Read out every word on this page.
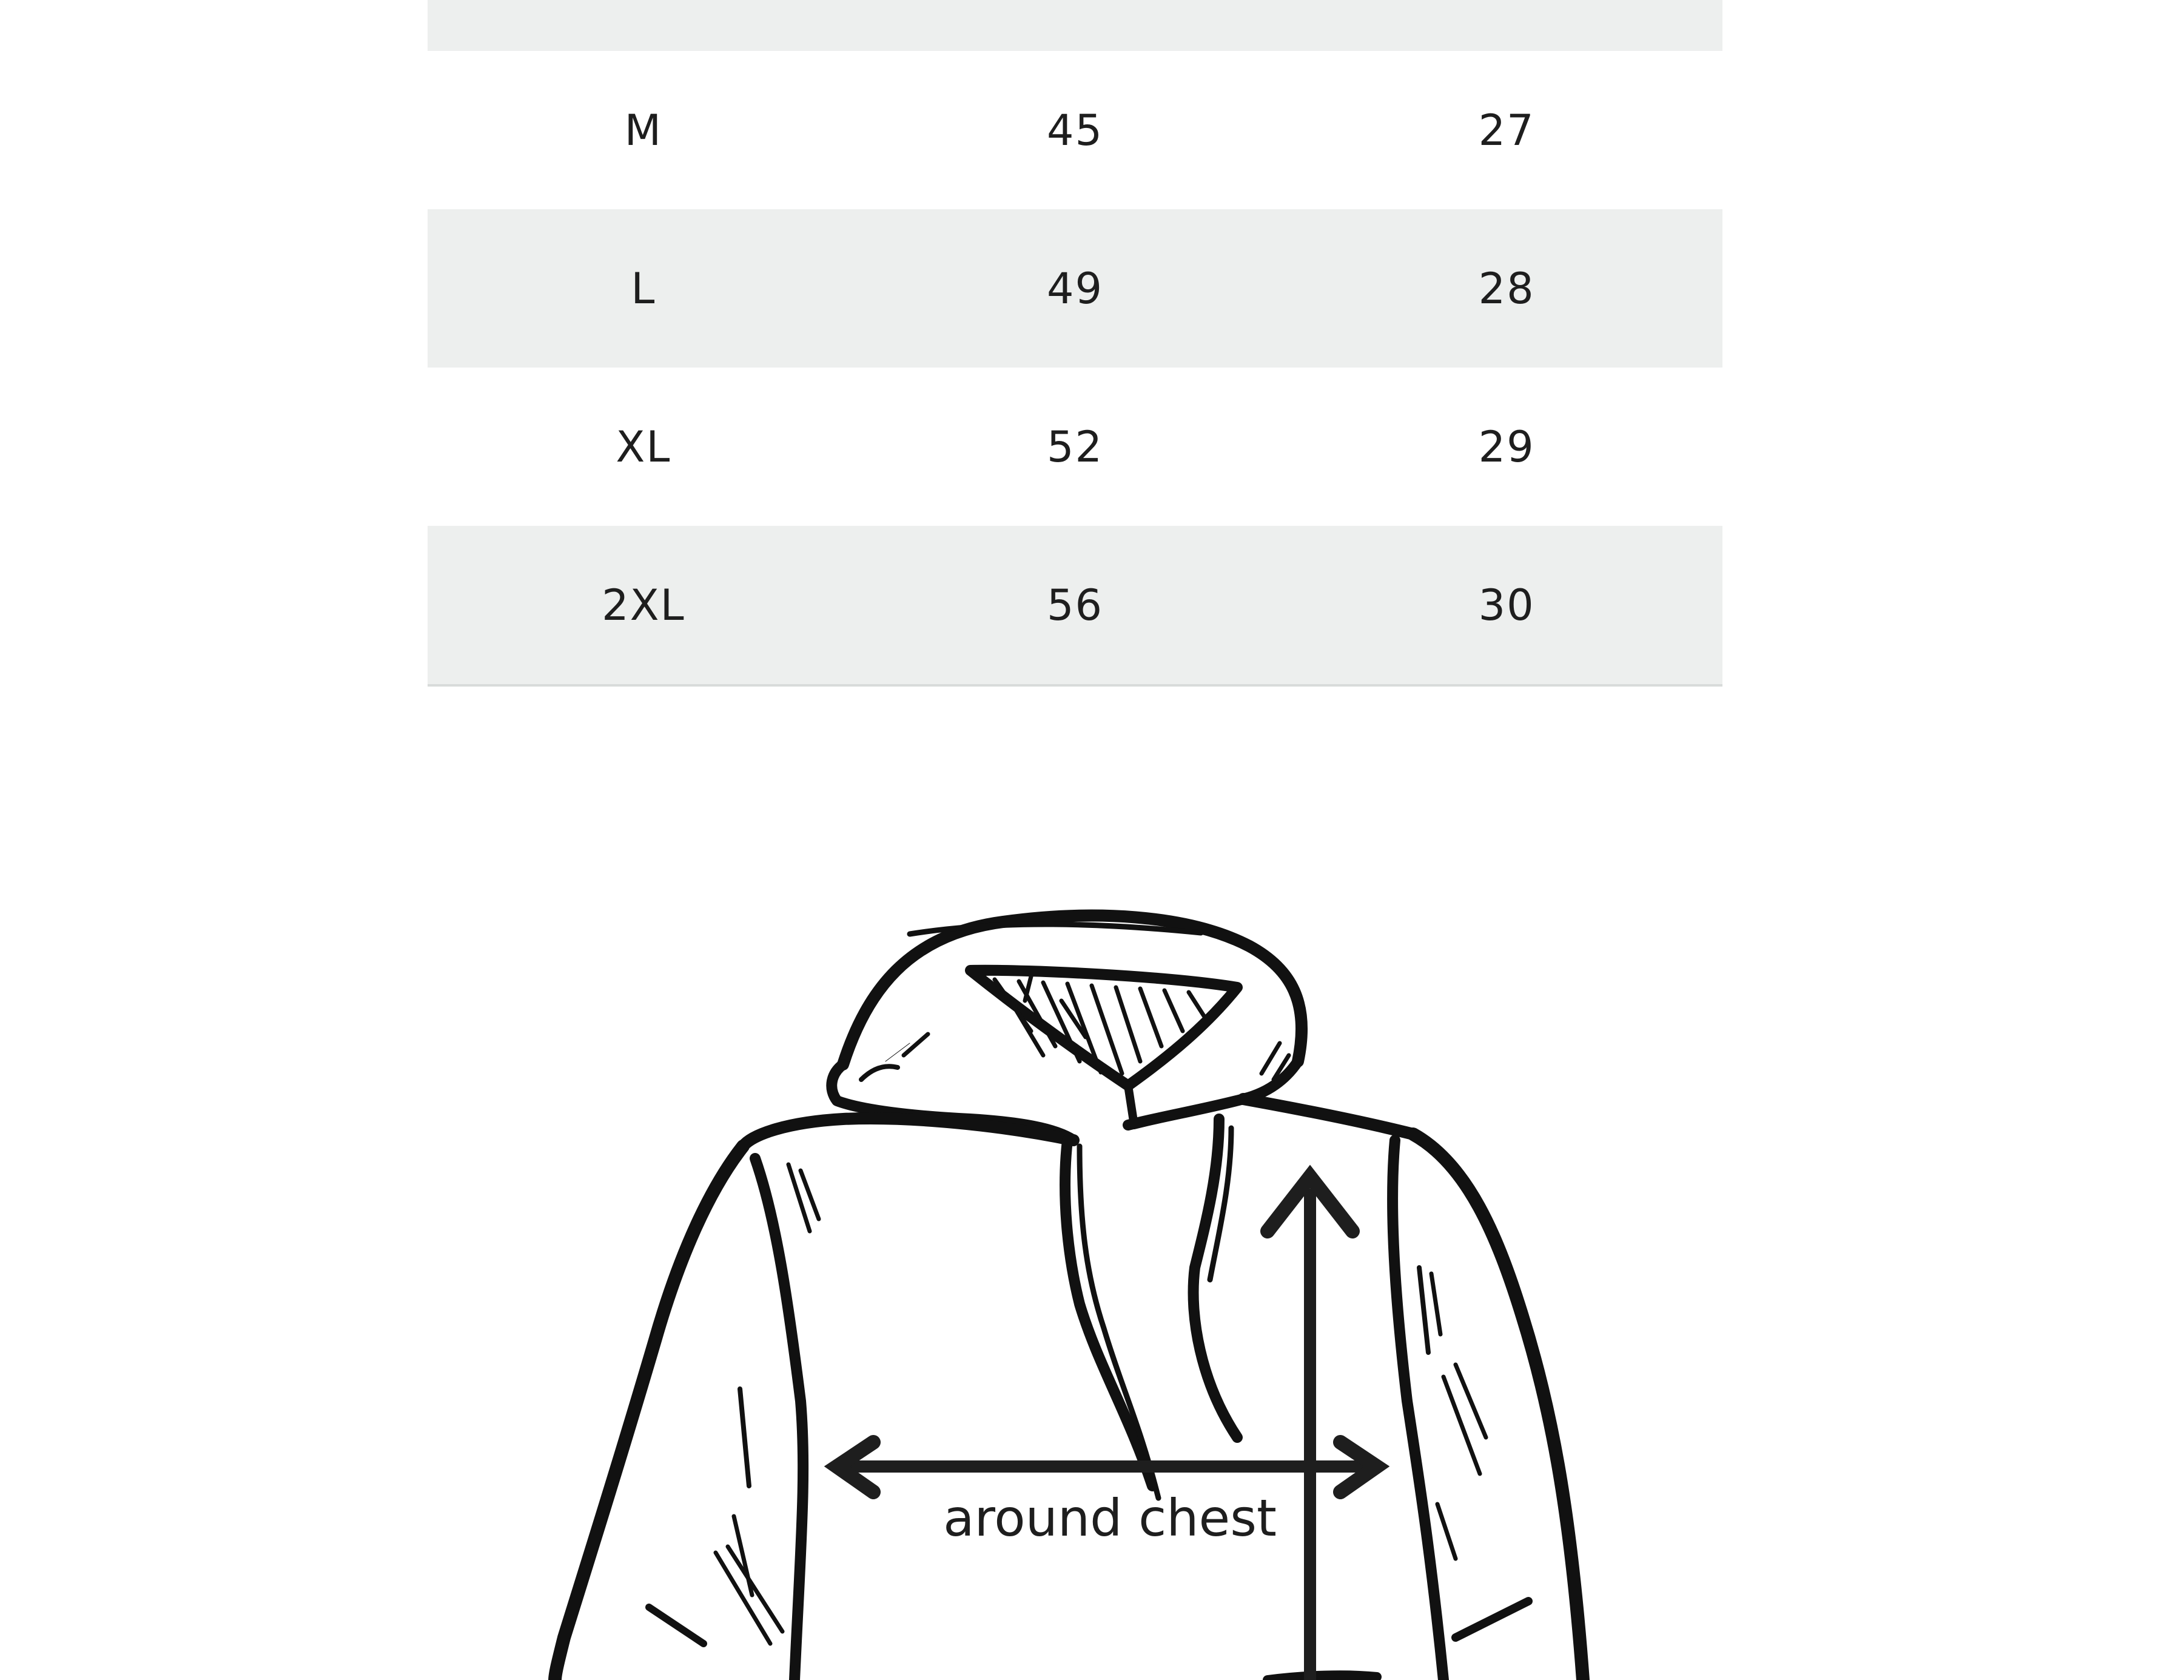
M	45	27
L	49	28
XL	52	29
2XL	56	30
around chest
